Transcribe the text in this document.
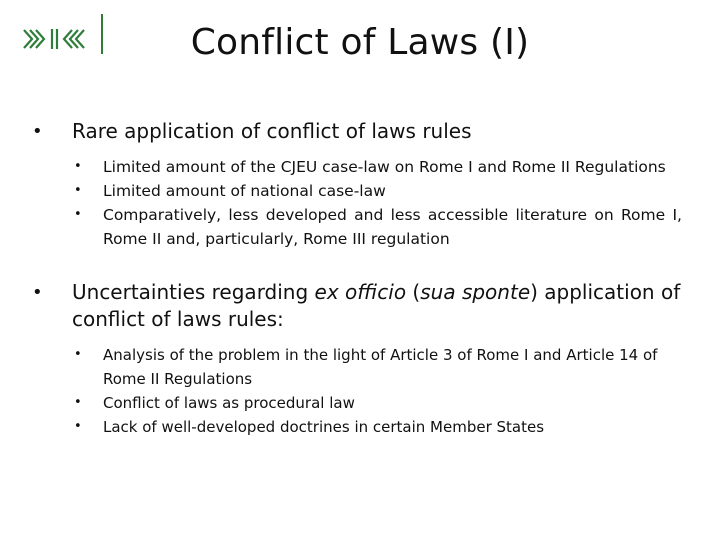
Conflict of Laws (I)
• Rare application of conflict of laws rules
• Limited amount of the CJEU case-law on Rome I and Rome II Regulations
• Limited amount of national case-law
• Comparatively, less developed and less accessible literature on Rome I, Rome II and, particularly, Rome III regulation
• Uncertainties regarding ex officio (sua sponte) application of conflict of laws rules:
• Analysis of the problem in the light of Article 3 of Rome I and Article 14 of Rome II Regulations
• Conflict of laws as procedural law
• Lack of well-developed doctrines in certain Member States
